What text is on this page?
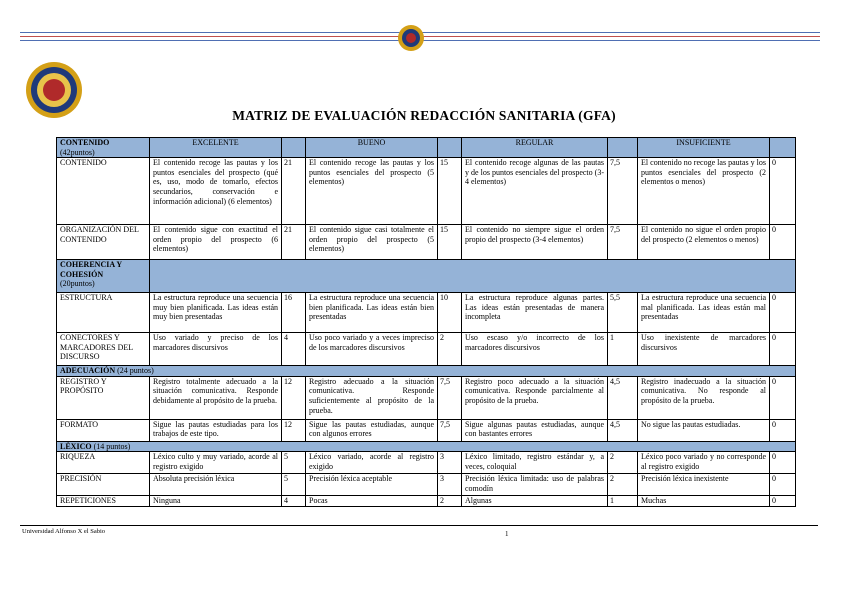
MATRIZ DE EVALUACIÓN REDACCIÓN SANITARIA (GFA)
CONTENIDO
(42puntos)	EXCELENTE		BUENO		REGULAR		INSUFICIENTE	
CONTENIDO	El contenido recoge las pautas y los puntos esenciales del prospecto (qué es, uso, modo de tomarlo, efectos secundarios, conservación e información adicional) (6 elementos)	21	El contenido recoge las pautas y los puntos esenciales del prospecto (5 elementos)	15	El contenido recoge algunas de las pautas y de los puntos esenciales del prospecto (3-4 elementos)	7,5	El contenido no recoge las pautas y los puntos esenciales del prospecto (2 elementos o menos)	0
ORGANIZACIÓN DEL CONTENIDO	El contenido sigue con exactitud el orden propio del prospecto (6 elementos)	21	El contenido sigue casi totalmente el orden propio del prospecto (5 elementos)	15	El contenido no siempre sigue el orden propio del prospecto (3-4 elementos)	7,5	El contenido no sigue el orden propio del prospecto (2 elementos o menos)	0

COHERENCIA Y COHESIÓN
(20puntos)								

ESTRUCTURA	La estructura reproduce una secuencia muy bien planificada. Las ideas están muy bien presentadas	16	La estructura reproduce una secuencia bien planificada. Las ideas están bien presentadas	10	La estructura reproduce algunas partes. Las ideas están presentadas de manera incompleta	5,5	La estructura reproduce una secuencia mal planificada. Las ideas están mal presentadas	0
CONECTORES Y MARCADORES DEL DISCURSO	Uso variado y preciso de los marcadores discursivos	4	Uso poco variado y a veces impreciso de los marcadores discursivos	2	Uso escaso y/o incorrecto de los marcadores discursivos	1	Uso inexistente de marcadores discursivos	0
ADECUACIÓN (24 puntos)								
REGISTRO Y PROPÓSITO	Registro totalmente adecuado a la situación comunicativa. Responde debidamente al propósito de la prueba.	12	Registro adecuado a la situación comunicativa. Responde suficientemente al propósito de la prueba.	7,5	Registro poco adecuado a la situación comunicativa. Responde parcialmente al propósito de la prueba.	4,5	Registro inadecuado a la situación comunicativa. No responde al propósito de la prueba.	0
FORMATO	Sigue las pautas estudiadas para los trabajos de este tipo.	12	Sigue las pautas estudiadas, aunque con algunos errores	7,5	Sigue algunas pautas estudiadas, aunque con bastantes errores	4,5	No sigue las pautas estudiadas.	0
LÉXICO (14 puntos)								
RIQUEZA	Léxico culto y muy variado, acorde al registro exigido	5	Léxico variado, acorde al registro exigido	3	Léxico limitado, registro estándar y, a veces, coloquial	2	Léxico poco variado y no corresponde al registro exigido	0
PRECISIÓN	Absoluta precisión léxica	5	Precisión léxica aceptable	3	Precisión léxica limitada: uso de palabras comodín	2	Precisión léxica inexistente	0
REPETICIONES	Ninguna	4	Pocas	2	Algunas	1	Muchas	0
Universidad Alfonso X el Sabio	1
